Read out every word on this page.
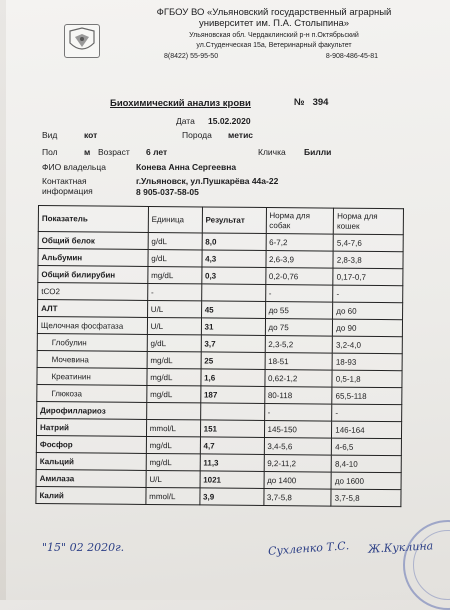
ФГБОУ ВО «Ульяновский государственный аграрный
университет им. П.А. Столыпина»
Ульяновская обл. Чердаклинский р-н п.Октябрьский
ул.Студенческая 15а, Ветеринарный факультет
8(8422) 55-95-50	8-908-486-45-81
Биохимический анализ крови	№ 394
Дата 15.02.2020
Вид	кот	Порода метис
Пол	м Возраст 6 лет	Кличка Билли
ФИО владельца	Конева Анна Сергеевна
Контактная
информация
г.Ульяновск, ул.Пушкарёва 44а-22
8 905-037-58-05
Показатель	Единица	Результат	Норма для собак	Норма для кошек
Общий белок	g/dL	8,0	6-7,2	5,4-7,6
Альбумин	g/dL	4,3	2,6-3,9	2,8-3,8
Общий билирубин	mg/dL	0,3	0,2-0,76	0,17-0,7
tCO2	-		-	-
АЛТ	U/L	45	до 55	до 60
Щелочная фосфатаза	U/L	31	до 75	до 90
Глобулин	g/dL	3,7	2,3-5,2	3,2-4,0
Мочевина	mg/dL	25	18-51	18-93
Креатинин	mg/dL	1,6	0,62-1,2	0,5-1,8
Глюкоза	mg/dL	187	80-118	65,5-118
Дирофиллариоз			-	-
Натрий	mmol/L	151	145-150	146-164
Фосфор	mg/dL	4,7	3,4-5,6	4-6,5
Кальций	mg/dL	11,3	9,2-11,2	8,4-10
Амилаза	U/L	1021	до 1400	до 1600
Калий	mmol/L	3,9	3,7-5,8	3,7-5,8
"15" 02 2020г.	Сухленко Т.С. Ж.Куклина
